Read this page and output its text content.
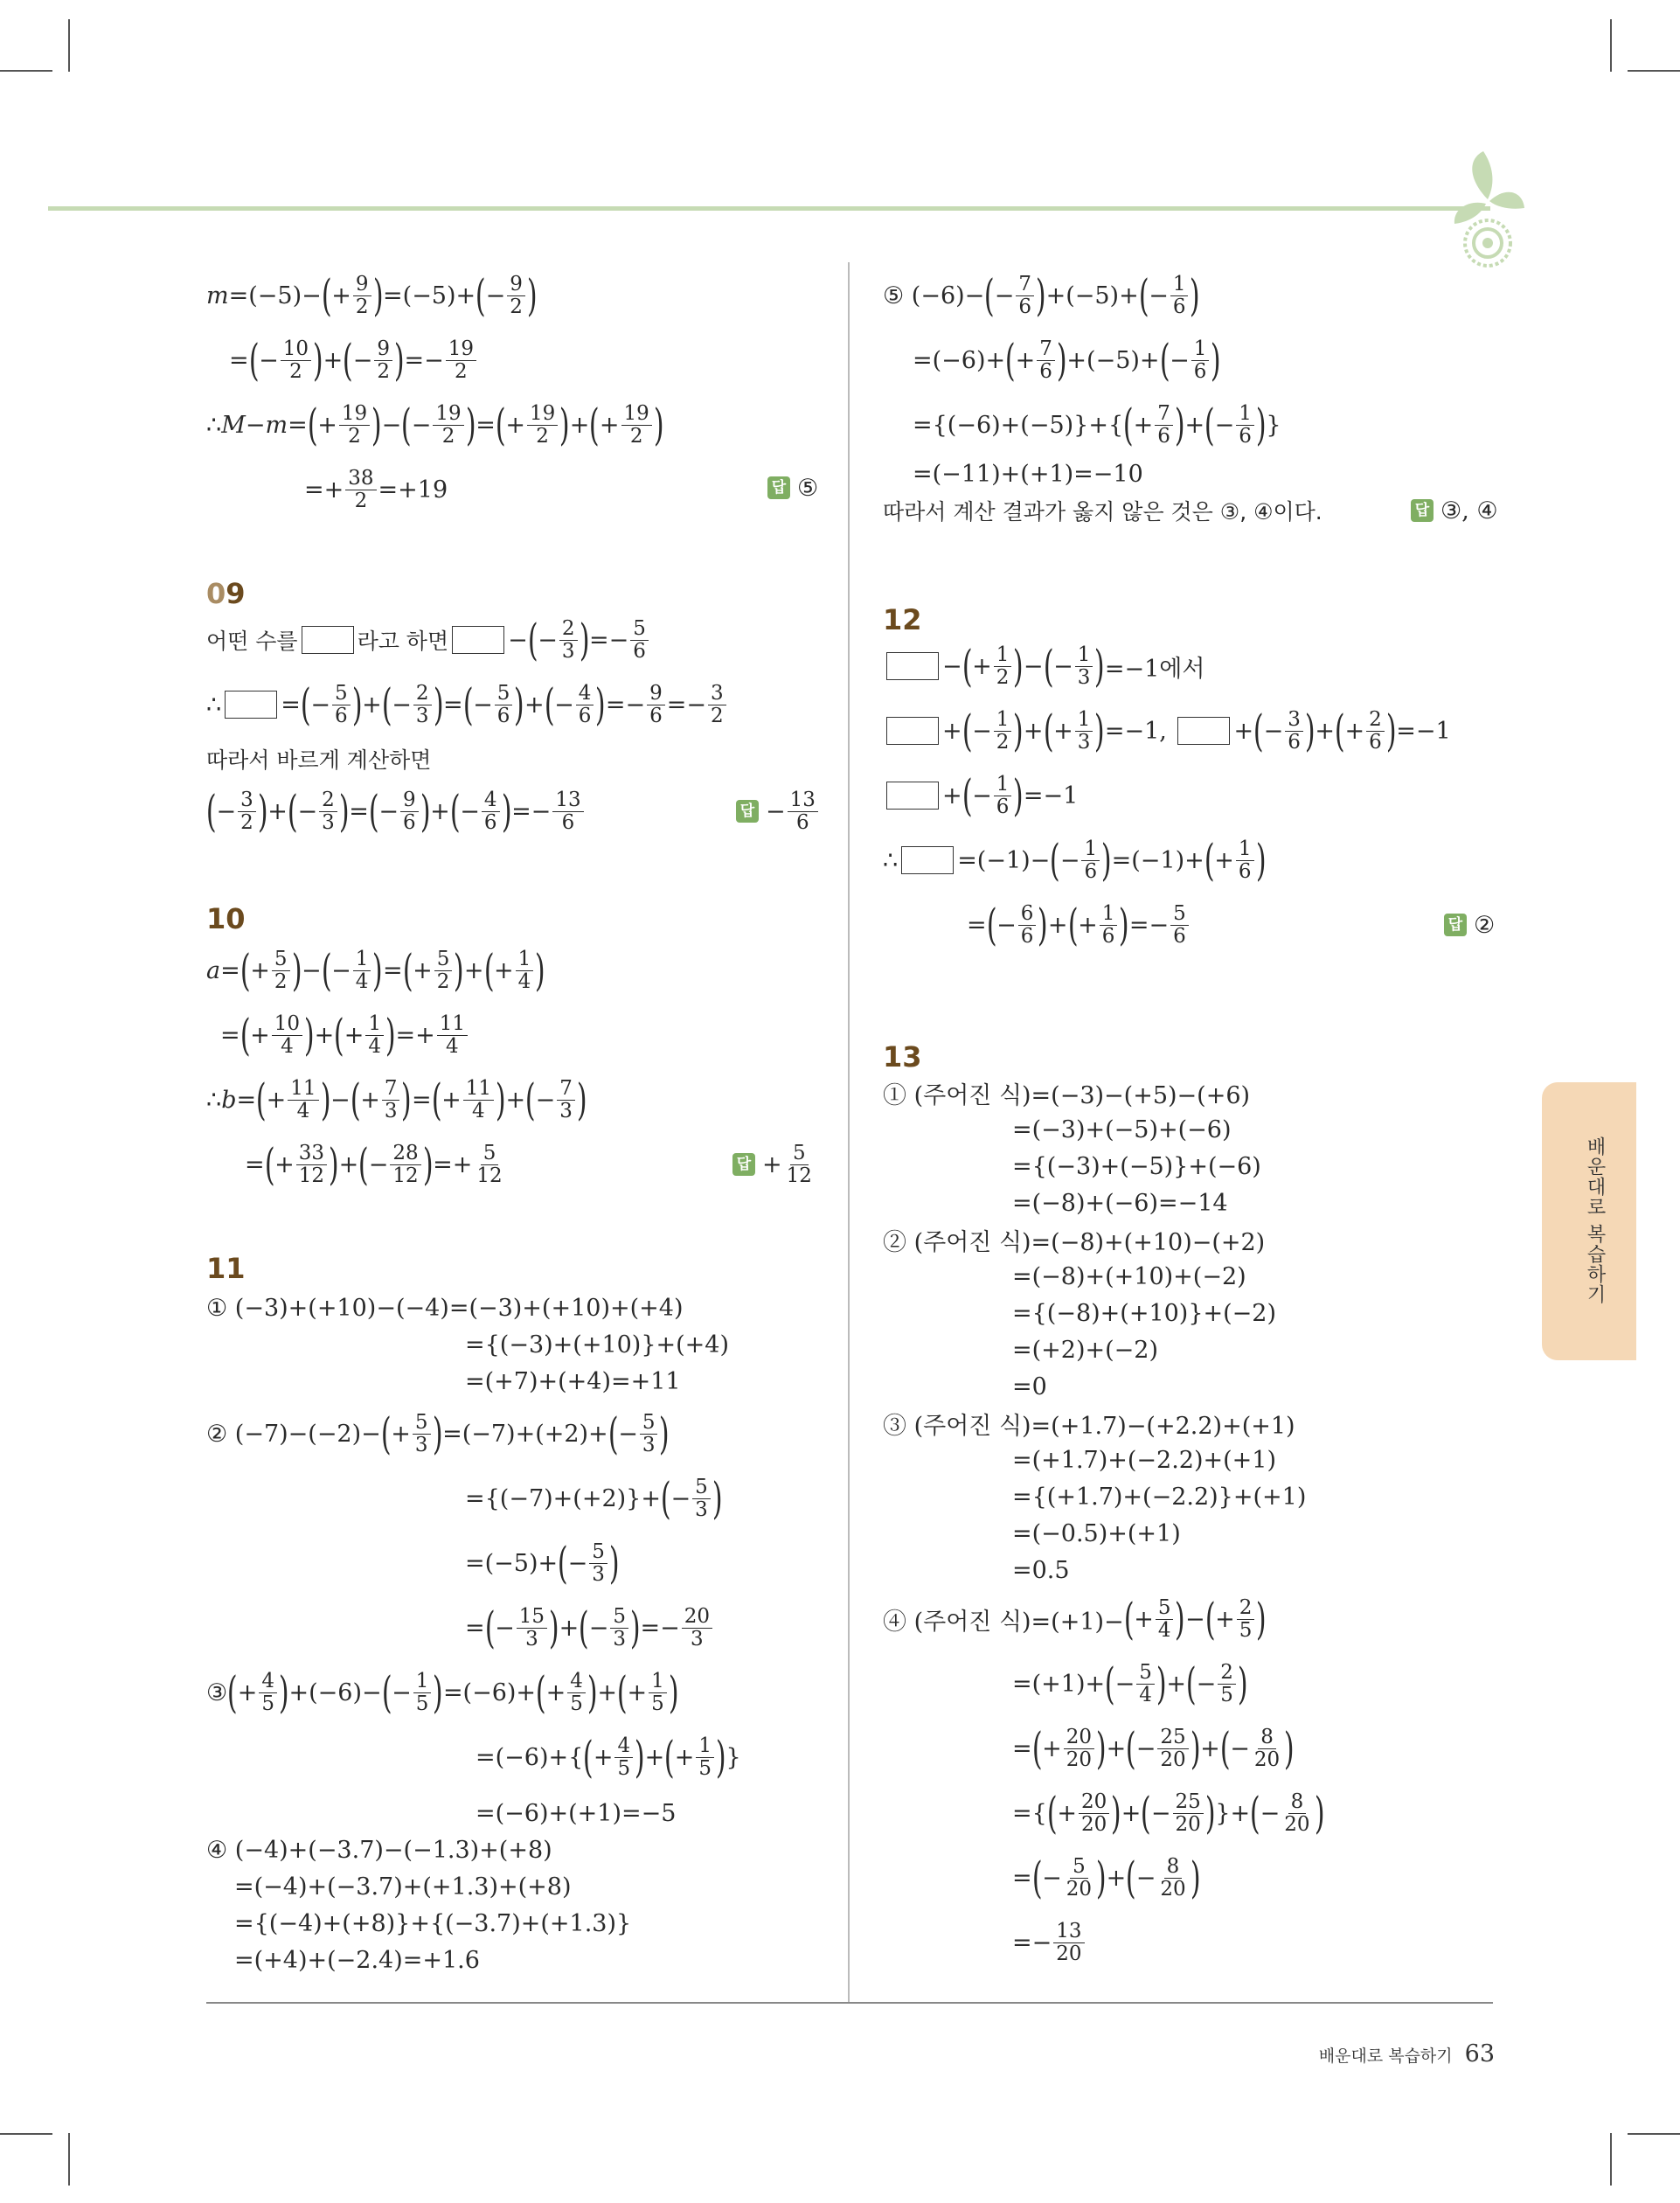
m =(−5)− ( + $\frac{9}{2}$ ) =(−5)+ ( − $\frac{9}{2}$ )
= ( − $\frac{10}{2}$ ) + ( − $\frac{9}{2}$ ) =− $\frac{19}{2}$
∴ M − m = ( + $\frac{19}{2}$ ) − ( − $\frac{19}{2}$ ) = ( + $\frac{19}{2}$ ) + ( + $\frac{19}{2}$ )
=+ $\frac{38}{2} =+19$	답 ⑤
09
어떤 수를	라고 하면	− ( − $\frac{2}{3}$ ) =− $\frac{5}{6}$
∴	= ( − $\frac{5}{6}$ ) + ( − $\frac{2}{3}$ ) = ( − $\frac{5}{6}$ ) + ( − $\frac{4}{6}$ ) =− $\frac{9}{6} =- \frac{3}{2}$
따라서 바르게 계산하면
( − $\frac{3}{2}$ ) + ( − $\frac{2}{3}$ ) = ( − $\frac{9}{6}$ ) + ( − $\frac{4}{6}$ ) =− $\frac{13}{6}$	답 − $\frac{13}{6}$
10
a = ( + $\frac{5}{2}$ ) − ( − $\frac{1}{4}$ ) = ( + $\frac{5}{2}$ ) + ( + $\frac{1}{4}$ )
= ( + $\frac{10}{4}$ ) + ( + $\frac{1}{4}$ ) =+ $\frac{11}{4}$
∴ b = ( + $\frac{11}{4}$ ) − ( + $\frac{7}{3}$ ) = ( + $\frac{11}{4}$ ) + ( − $\frac{7}{3}$ )
= ( + $\frac{33}{12}$ ) + ( − $\frac{28}{12}$ ) =+ $\frac{5}{12}$	답 + $\frac{5}{12}$
11
① (−3)+(+10)−(−4)=(−3)+(+10)+(+4)
={(−3)+(+10)}+(+4)
=(+7)+(+4)=+11
② (−7)−(−2)− ( + $\frac{5}{3}$ ) =(−7)+(+2)+ ( − $\frac{5}{3}$ )
={(−7)+(+2)}+ ( − $\frac{5}{3}$ )
=(−5)+ ( − $\frac{5}{3}$ )
= ( − $\frac{15}{3}$ ) + ( − $\frac{5}{3}$ ) =− $\frac{20}{3}$
③ ( + $\frac{4}{5}$ ) +(−6)− ( − $\frac{1}{5}$ ) =(−6)+ ( + $\frac{4}{5}$ ) + ( + $\frac{1}{5}$ )
=(−6)+{ ( + $\frac{4}{5}$ ) + ( + $\frac{1}{5}$ ) }
=(−6)+(+1)=−5
④ (−4)+(−3.7)−(−1.3)+(+8)
=(−4)+(−3.7)+(+1.3)+(+8)
={(−4)+(+8)}+{(−3.7)+(+1.3)}
=(+4)+(−2.4)=+1.6
⑤ (−6)− ( − $\frac{7}{6}$ ) +(−5)+ ( − $\frac{1}{6}$ )
=(−6)+ ( + $\frac{7}{6}$ ) +(−5)+ ( − $\frac{1}{6}$ )
={(−6)+(−5)}+{ ( + $\frac{7}{6}$ ) + ( − $\frac{1}{6}$ ) }
=(−11)+(+1)=−10
따라서 계산 결과가 옳지 않은 것은 ③, ④이다.	답 ③, ④
12
− ( + $\frac{1}{2}$ ) − ( − $\frac{1}{3}$ ) =−1에서
+ ( − $\frac{1}{2}$ ) + ( + $\frac{1}{3}$ ) =−1,
	+ ( − $\frac{3}{6}$ ) + ( + $\frac{2}{6}$ ) =−1
+ ( − $\frac{1}{6}$ ) =−1
∴	=(−1)− ( − $\frac{1}{6}$ ) =(−1)+ ( + $\frac{1}{6}$ )
= ( − $\frac{6}{6}$ ) + ( + $\frac{1}{6}$ ) =− $\frac{5}{6}$	답 ②
13
① (주어진 식)=(−3)−(+5)−(+6)
=(−3)+(−5)+(−6)
={(−3)+(−5)}+(−6)
=(−8)+(−6)=−14
② (주어진 식)=(−8)+(+10)−(+2)
=(−8)+(+10)+(−2)
={(−8)+(+10)}+(−2)
=(+2)+(−2)
=0
③ (주어진 식)=(+1.7)−(+2.2)+(+1)
=(+1.7)+(−2.2)+(+1)
={(+1.7)+(−2.2)}+(+1)
=(−0.5)+(+1)
=0.5
④ (주어진 식)=(+1)− ( + $\frac{5}{4}$ ) − ( + $\frac{2}{5}$ )
=(+1)+ ( − $\frac{5}{4}$ ) + ( − $\frac{2}{5}$ )
= ( + $\frac{20}{20}$ ) + ( − $\frac{25}{20}$ ) + ( − $\frac{8}{20}$ )
={ ( + $\frac{20}{20}$ ) + ( − $\frac{25}{20}$ ) }+ ( − $\frac{8}{20}$ )
= ( − $\frac{5}{20}$ ) + ( − $\frac{8}{20}$ )
=− $\frac{13}{20}$
배운대로 복습하기
배운대로 복습하기 63
